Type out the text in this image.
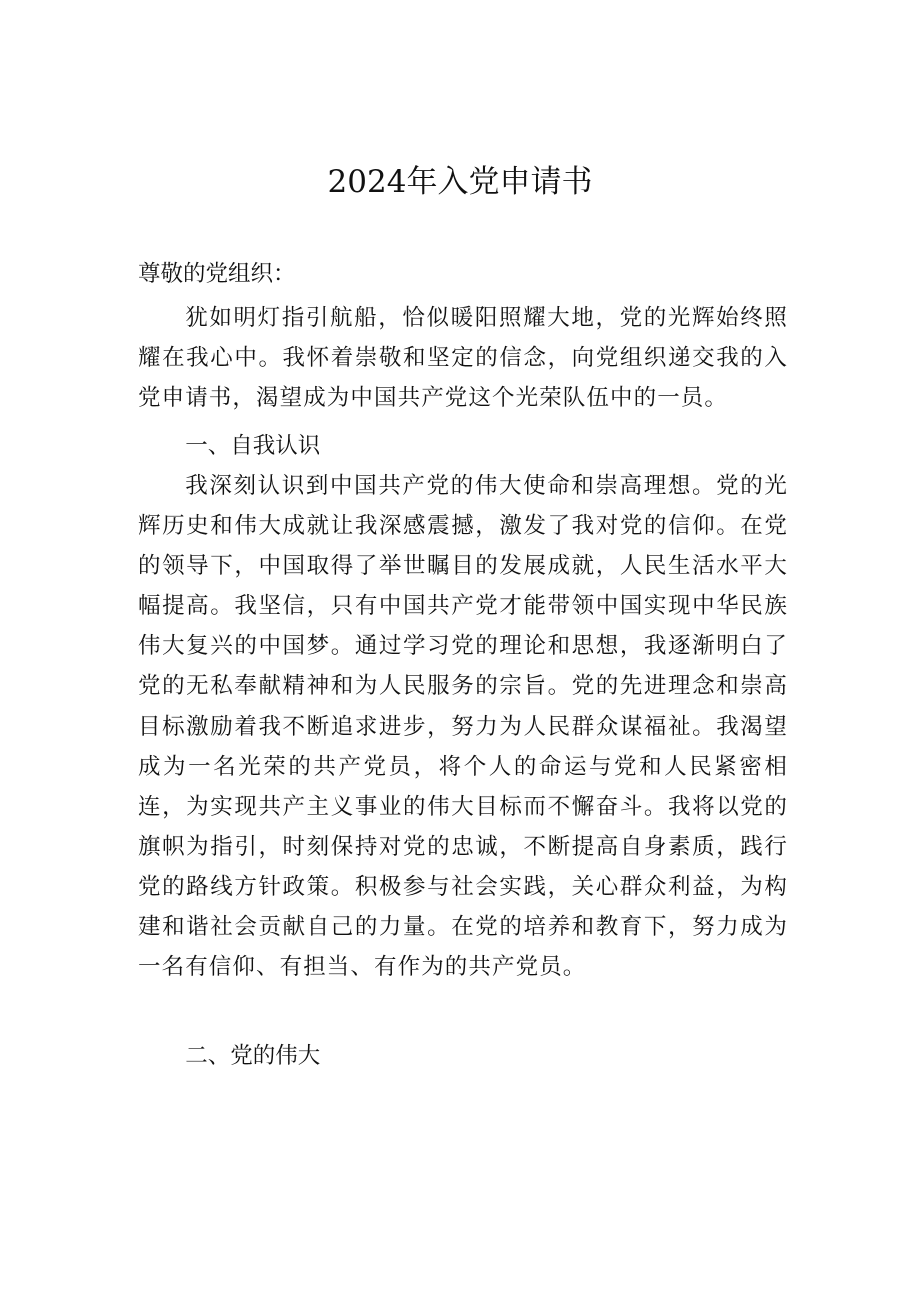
2024年入党申请书
尊敬的党组织：

犹如明灯指引航船，恰似暖阳照耀大地，党的光辉始终照耀在我心中。我怀着崇敬和坚定的信念，向党组织递交我的入党申请书，渴望成为中国共产党这个光荣队伍中的一员。

一、自我认识

我深刻认识到中国共产党的伟大使命和崇高理想。党的光辉历史和伟大成就让我深感震撼，激发了我对党的信仰。在党的领导下，中国取得了举世瞩目的发展成就，人民生活水平大幅提高。我坚信，只有中国共产党才能带领中国实现中华民族伟大复兴的中国梦。通过学习党的理论和思想，我逐渐明白了党的无私奉献精神和为人民服务的宗旨。党的先进理念和崇高目标激励着我不断追求进步，努力为人民群众谋福祉。我渴望成为一名光荣的共产党员，将个人的命运与党和人民紧密相连，为实现共产主义事业的伟大目标而不懈奋斗。我将以党的旗帜为指引，时刻保持对党的忠诚，不断提高自身素质，践行党的路线方针政策。积极参与社会实践，关心群众利益，为构建和谐社会贡献自己的力量。在党的培养和教育下，努力成为一名有信仰、有担当、有作为的共产党员。

二、党的伟大
